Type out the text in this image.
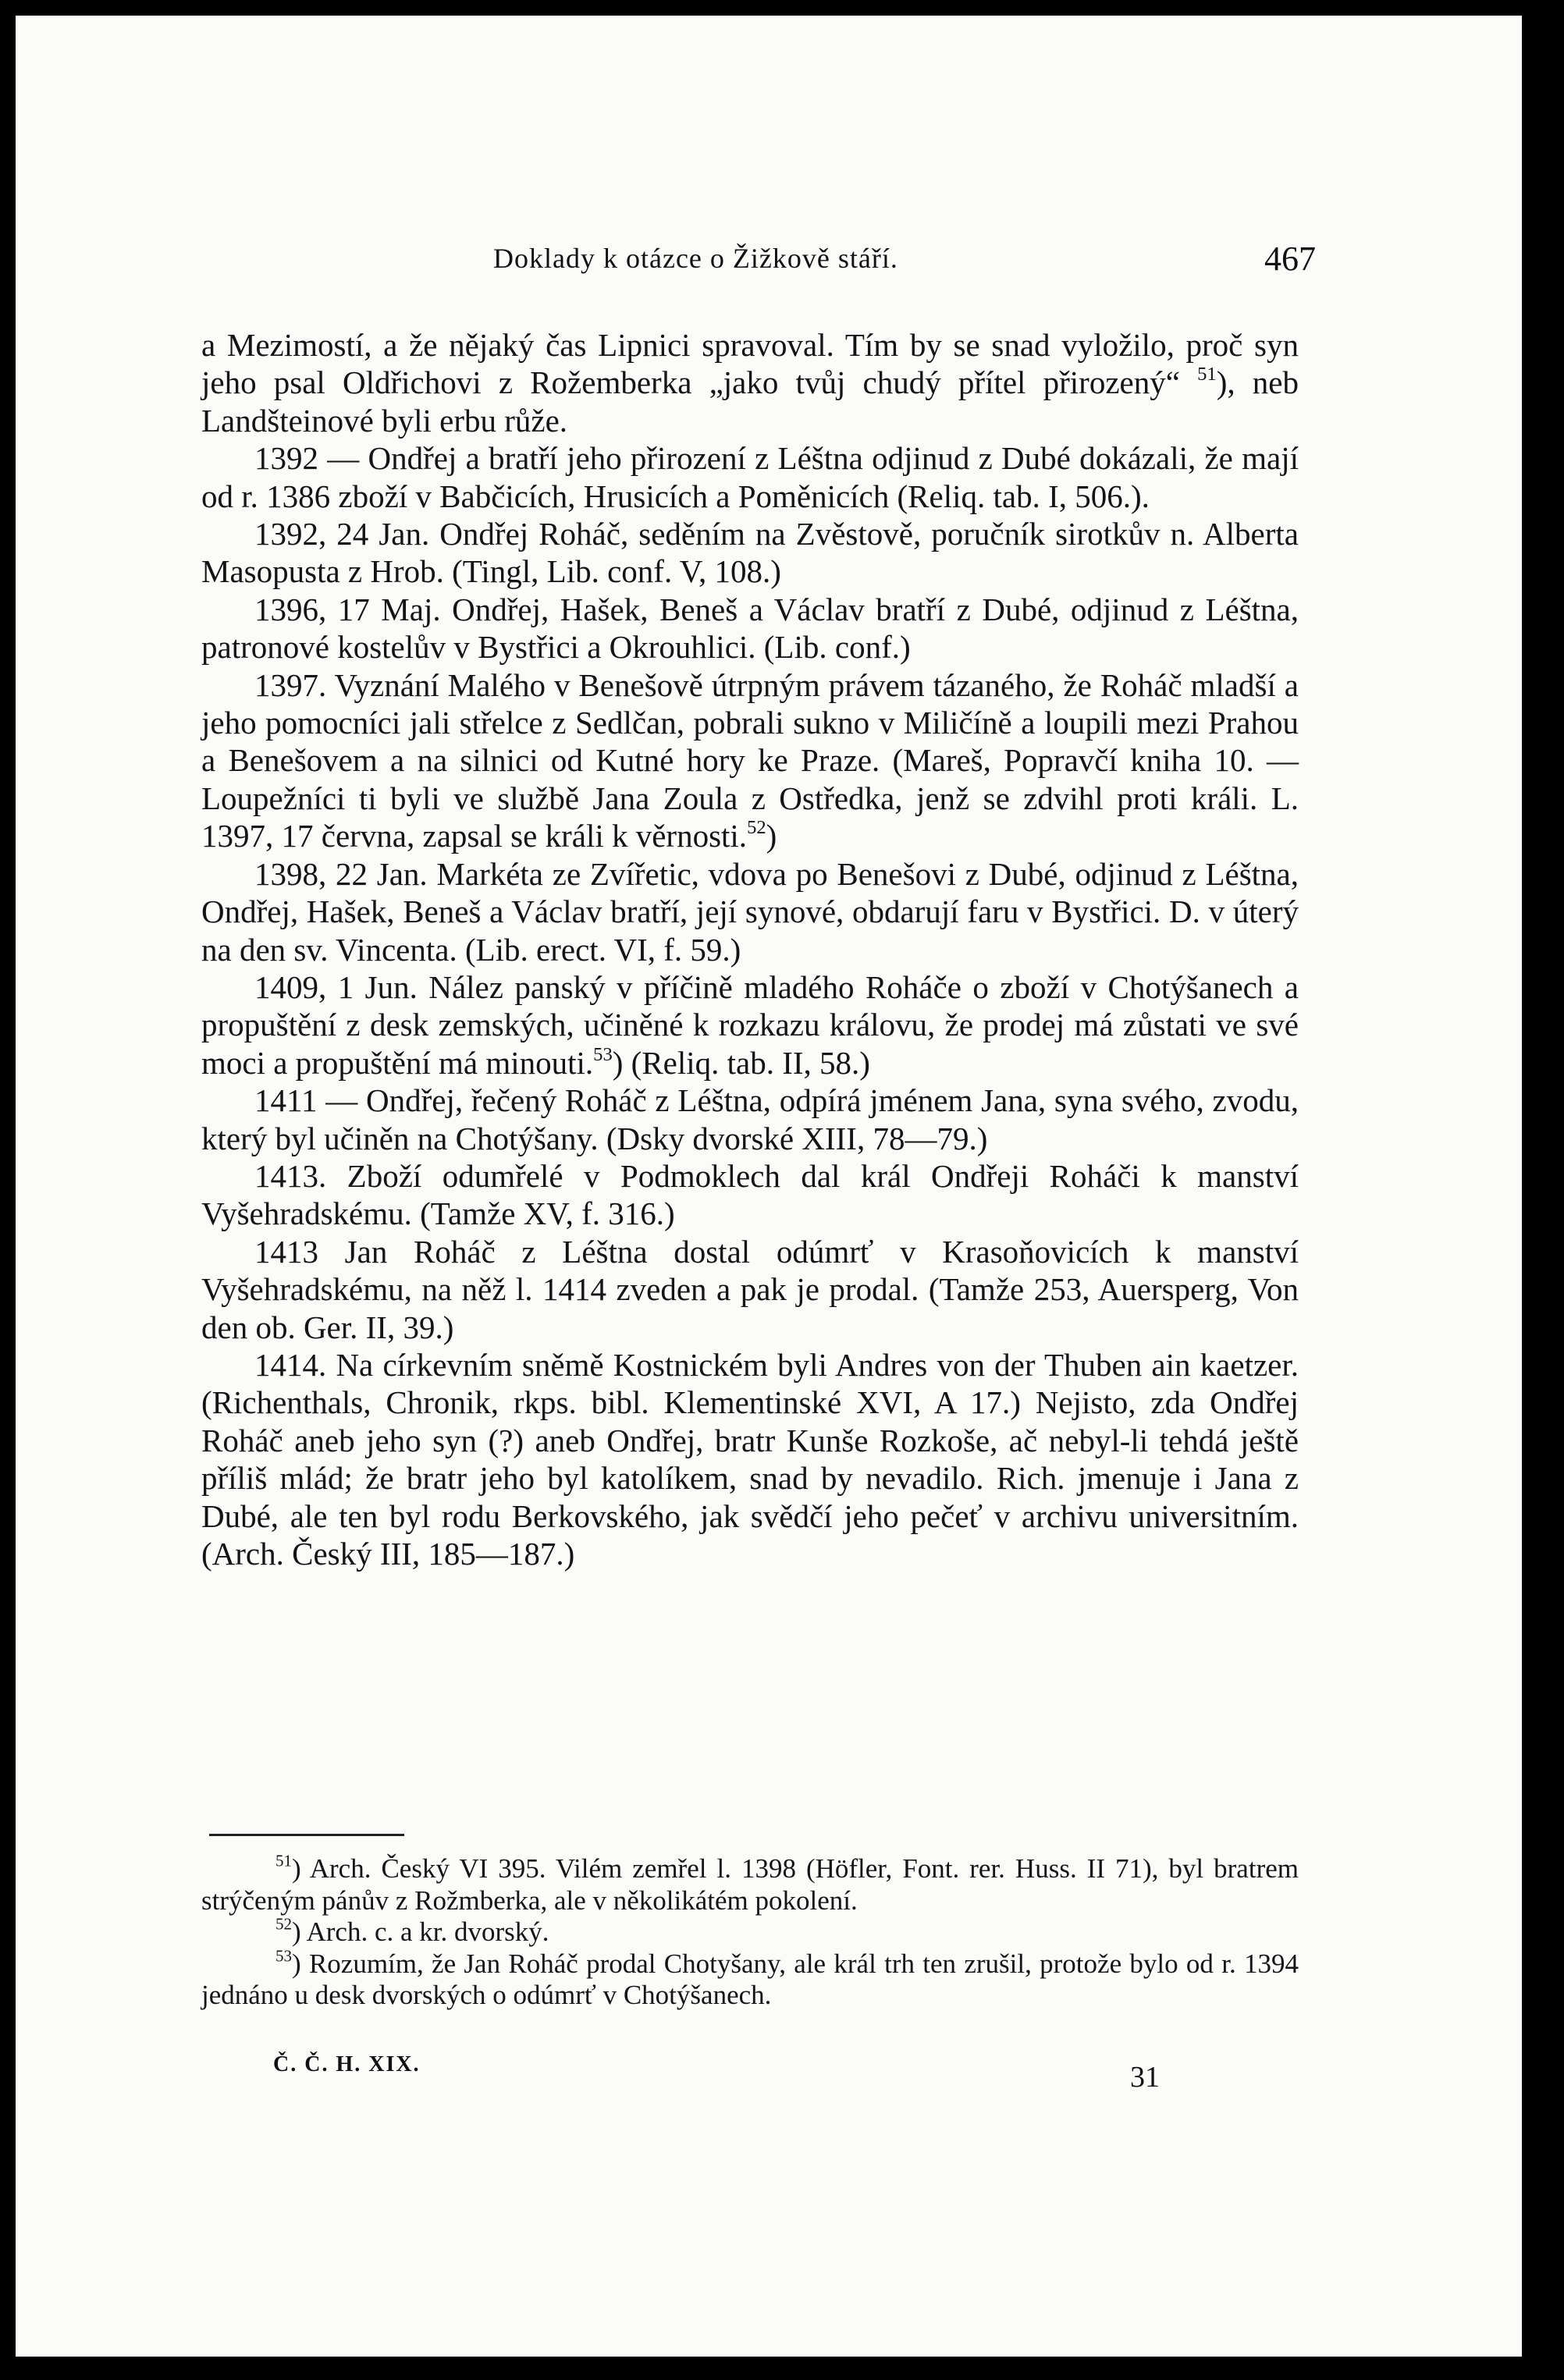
Doklady k otázce o Žižkově stáří.	467

a Mezimostí, a že nějaký čas Lipnici spravoval. Tím by se snad vyložilo, proč syn jeho psal Oldřichovi z Rožemberka „jako tvůj chudý přítel přirozený“ $^{51}$), neb Landšteinové byli erbu růže.

1392 — Ondřej a bratří jeho přirození z Léštna odjinud z Dubé dokázali, že mají od r. 1386 zboží v Babčicích, Hrusicích a Poměnicích (Reliq. tab. I, 506.).

1392, 24 Jan. Ondřej Roháč, seděním na Zvěstově, poručník sirotkův n. Alberta Masopusta z Hrob. (Tingl, Lib. conf. V, 108.)

1396, 17 Maj. Ondřej, Hašek, Beneš a Václav bratří z Dubé, odjinud z Léštna, patronové kostelův v Bystřici a Okrouhlici. (Lib. conf.)

1397. Vyznání Malého v Benešově útrpným právem tázaného, že Roháč mladší a jeho pomocníci jali střelce z Sedlčan, pobrali sukno v Miličíně a loupili mezi Prahou a Benešovem a na silnici od Kutné hory ke Praze. (Mareš, Popravčí kniha 10. — Loupežníci ti byli ve službě Jana Zoula z Ostředka, jenž se zdvihl proti králi. L. 1397, 17 června, zapsal se králi k věrnosti.$^{52}$)

1398, 22 Jan. Markéta ze Zvířetic, vdova po Benešovi z Dubé, odjinud z Léštna, Ondřej, Hašek, Beneš a Václav bratří, její synové, obdarují faru v Bystřici. D. v úterý na den sv. Vincenta. (Lib. erect. VI, f. 59.)

1409, 1 Jun. Nález panský v příčině mladého Roháče o zboží v Chotýšanech a propuštění z desk zemských, učiněné k rozkazu královu, že prodej má zůstati ve své moci a propuštění má minouti.$^{53}$) (Reliq. tab. II, 58.)

1411 — Ondřej, řečený Roháč z Léštna, odpírá jménem Jana, syna svého, zvodu, který byl učiněn na Chotýšany. (Dsky dvorské XIII, 78—79.)

1413. Zboží odumřelé v Podmoklech dal král Ondřeji Roháči k manství Vyšehradskému. (Tamže XV, f. 316.)

1413 Jan Roháč z Léštna dostal odúmrť v Krasoňovicích k manství Vyšehradskému, na něž l. 1414 zveden a pak je prodal. (Tamže 253, Auersperg, Von den ob. Ger. II, 39.)

1414. Na církevním sněmě Kostnickém byli Andres von der Thuben ain kaetzer. (Richenthals, Chronik, rkps. bibl. Klementinské XVI, A 17.) Nejisto, zda Ondřej Roháč aneb jeho syn (?) aneb Ondřej, bratr Kunše Rozkoše, ač nebyl-li tehdá ještě příliš mlád; že bratr jeho byl katolíkem, snad by nevadilo. Rich. jmenuje i Jana z Dubé, ale ten byl rodu Berkovského, jak svědčí jeho pečeť v archivu universitním. (Arch. Český III, 185—187.)

$^{51}$) Arch. Český VI 395. Vilém zemřel l. 1398 (Höfler, Font. rer. Huss. II 71), byl bratrem strýčeným pánův z Rožmberka, ale v několikátém pokolení.

$^{52}$) Arch. c. a kr. dvorský.

$^{53}$) Rozumím, že Jan Roháč prodal Chotyšany, ale král trh ten zrušil, protože bylo od r. 1394 jednáno u desk dvorských o odúmrť v Chotýšanech.

Č. Č. H. XIX.	31
